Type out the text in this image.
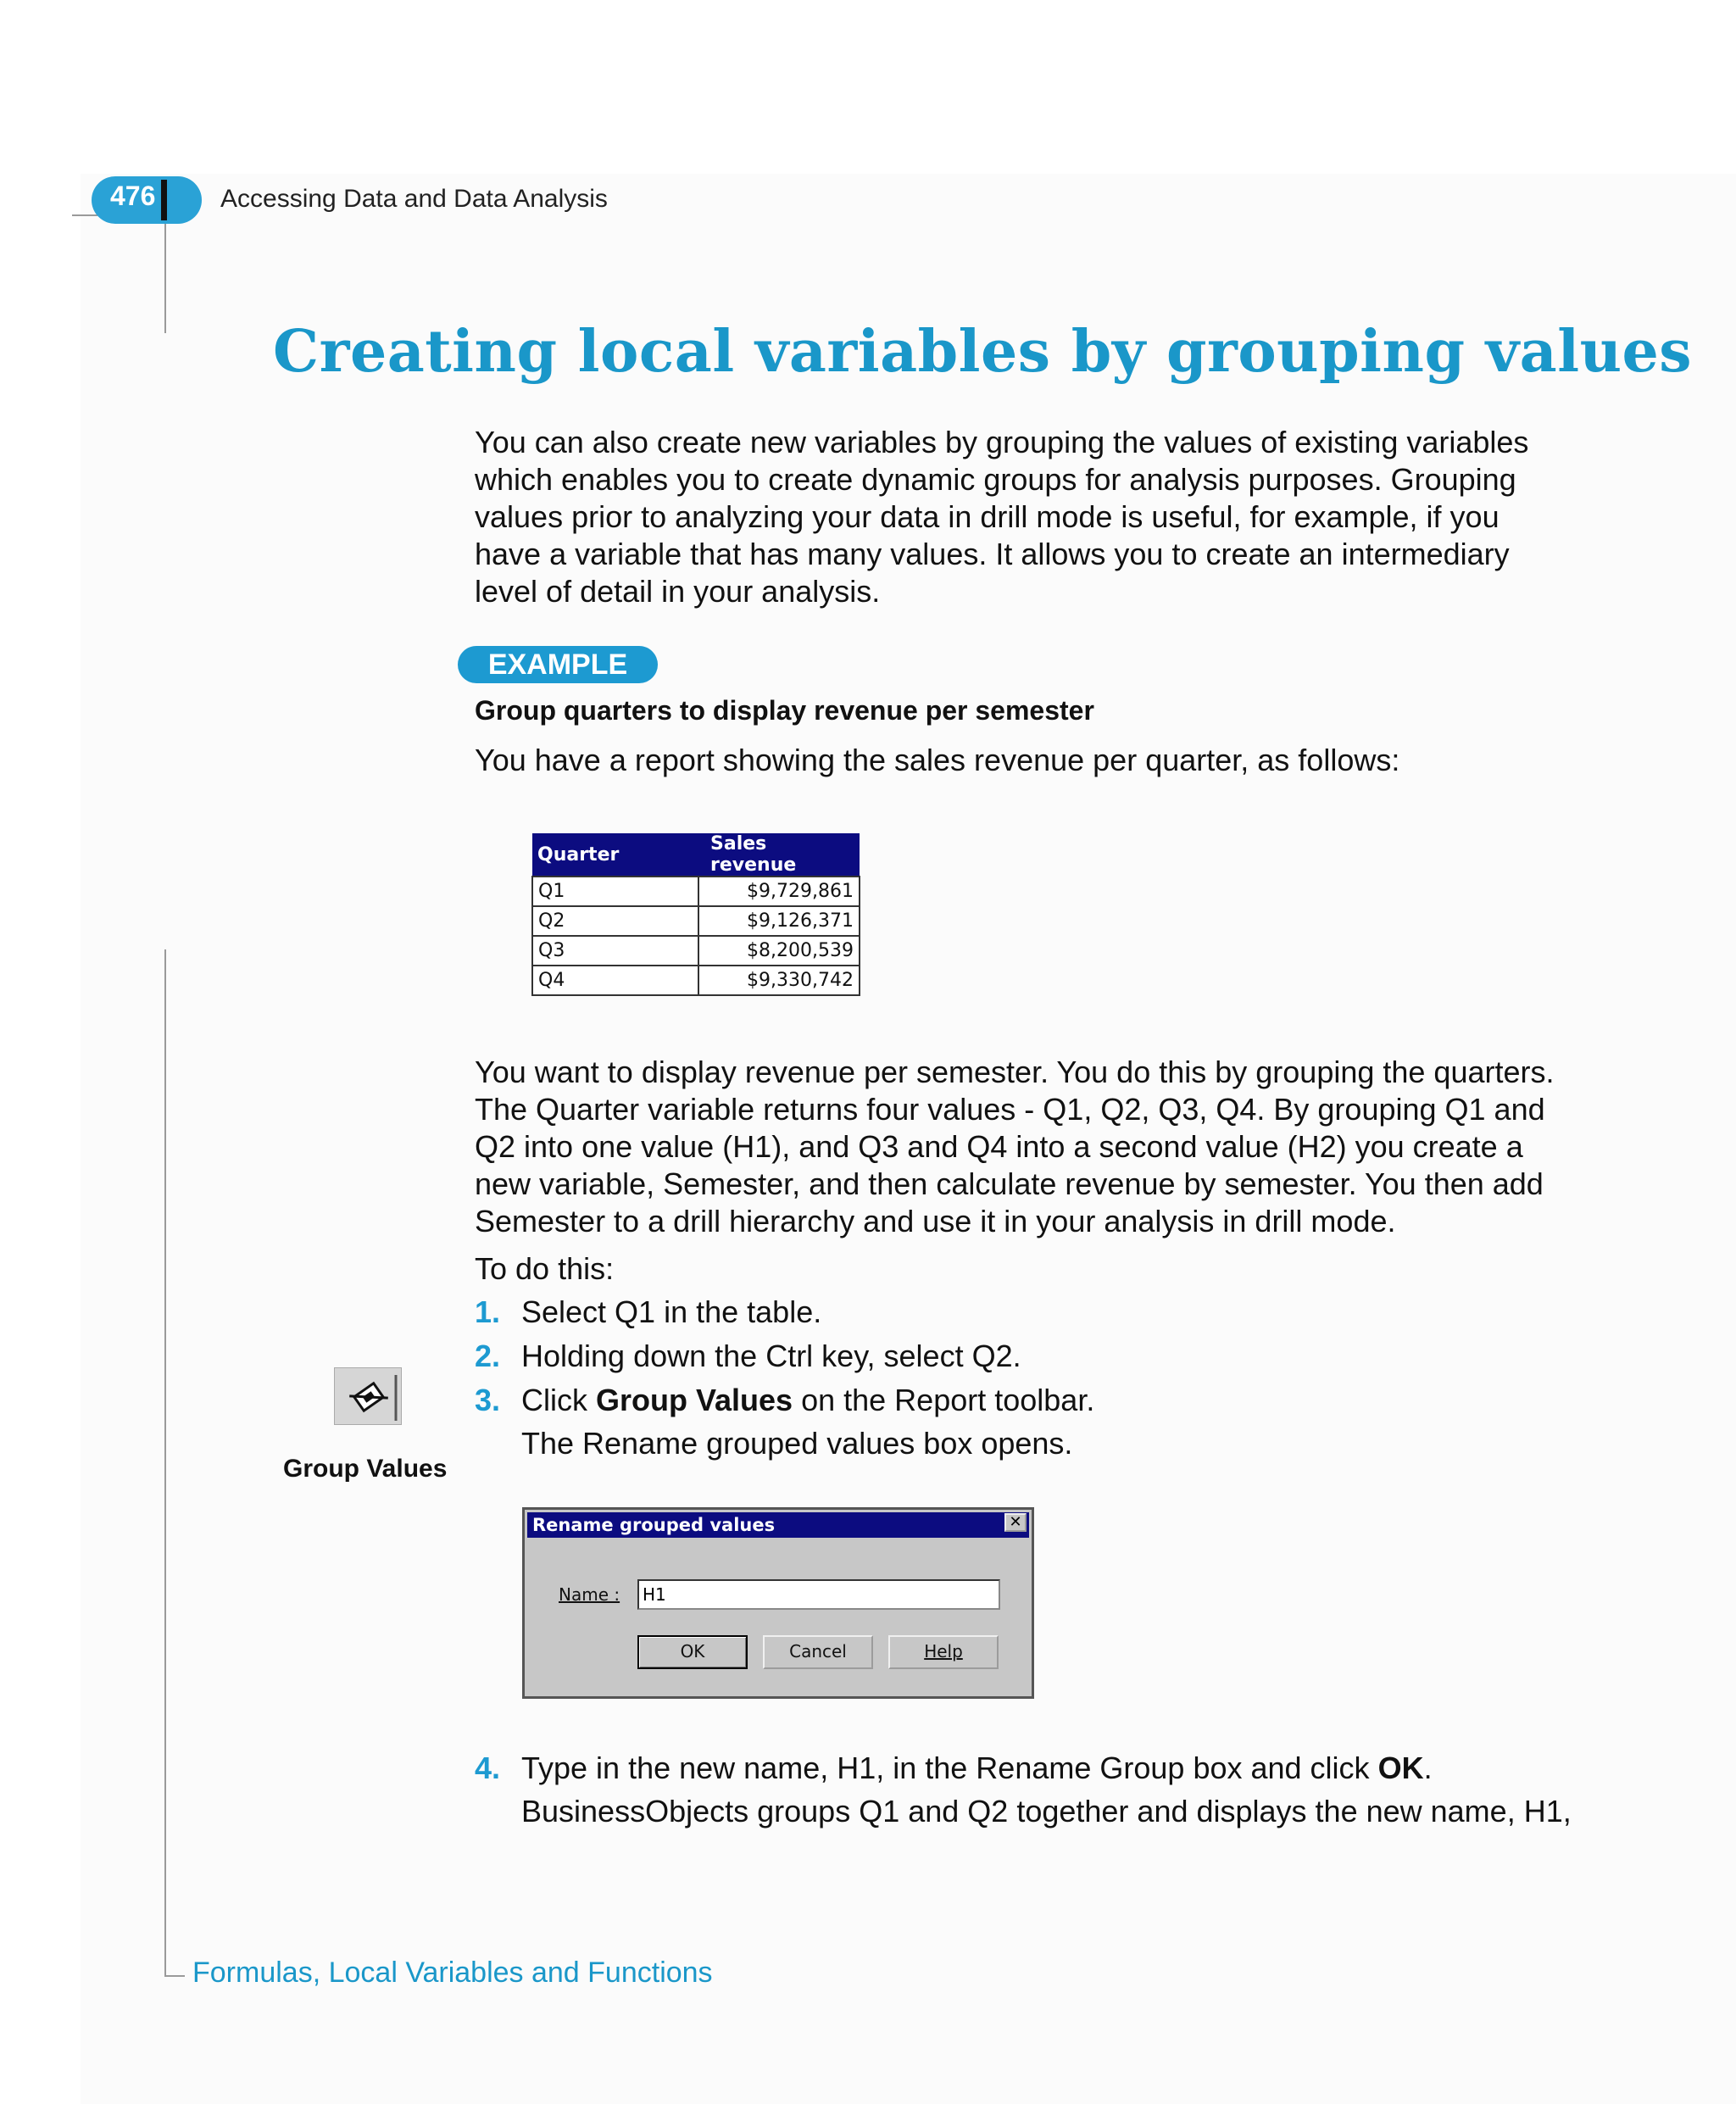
476	Accessing Data and Data Analysis
Creating local variables by grouping values
You can also create new variables by grouping the values of existing variables which enables you to create dynamic groups for analysis purposes. Grouping values prior to analyzing your data in drill mode is useful, for example, if you have a variable that has many values. It allows you to create an intermediary level of detail in your analysis.
EXAMPLE
Group quarters to display revenue per semester
You have a report showing the sales revenue per quarter, as follows:
Quarter	Sales revenue
Q1	$9,729,861
Q2	$9,126,371
Q3	$8,200,539
Q4	$9,330,742
You want to display revenue per semester. You do this by grouping the quarters. The Quarter variable returns four values - Q1, Q2, Q3, Q4. By grouping Q1 and Q2 into one value (H1), and Q3 and Q4 into a second value (H2) you create a new variable, Semester, and then calculate revenue by semester. You then add Semester to a drill hierarchy and use it in your analysis in drill mode.
To do this:
1. Select Q1 in the table.
2. Holding down the Ctrl key, select Q2.
3. Click Group Values on the Report toolbar.
The Rename grouped values box opens.
Group Values
Rename grouped values	✕
Name :	H1
OK	Cancel	Help
4. Type in the new name, H1, in the Rename Group box and click OK.
BusinessObjects groups Q1 and Q2 together and displays the new name, H1,
Formulas, Local Variables and Functions
